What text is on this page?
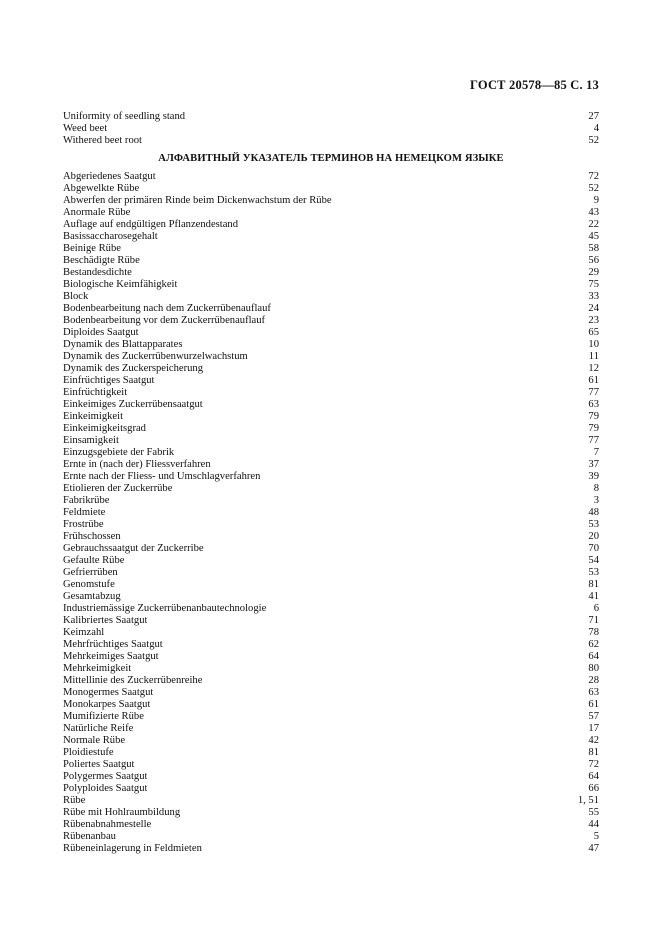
ГОСТ 20578—85 С. 13
Uniformity of seedling stand	27
Weed beet	4
Withered beet root	52
АЛФАВИТНЫЙ УКАЗАТЕЛЬ ТЕРМИНОВ НА НЕМЕЦКОМ ЯЗЫКЕ
Abgeriedenes Saatgut	72
Abgewelkte Rübe	52
Abwerfen der primären Rinde beim Dickenwachstum der Rübe	9
Anormale Rübe	43
Auflage auf endgültigen Pflanzendestand	22
Basissaccharosegehalt	45
Beinige Rübe	58
Beschädigte Rübe	56
Bestandesdichte	29
Biologische Keimfähigkeit	75
Block	33
Bodenbearbeitung nach dem Zuckerrübenauflauf	24
Bodenbearbeitung vor dem Zuckerrübenauflauf	23
Diploides Saatgut	65
Dynamik des Blattapparates	10
Dynamik des Zuckerrübenwurzelwachstum	11
Dynamik des Zuckerspeicherung	12
Einfrüchtiges Saatgut	61
Einfrüchtigkeit	77
Einkeimiges Zuckerrübensaatgut	63
Einkeimigkeit	79
Einkeimigkeitsgrad	79
Einsamigkeit	77
Einzugsgebiete der Fabrik	7
Ernte in (nach der) Fliessverfahren	37
Ernte nach der Fliess- und Umschlagverfahren	39
Etiolieren der Zuckerrübe	8
Fabrikrübe	3
Feldmiete	48
Frostrübe	53
Frühschossen	20
Gebrauchssaatgut der Zuckerribe	70
Gefaulte Rübe	54
Gefrierrüben	53
Genomstufe	81
Gesamtabzug	41
Industriemässige Zuckerrübenanbautechnologie	6
Kalibriertes Saatgut	71
Keimzahl	78
Mehrfrüchtiges Saatgut	62
Mehrkeimiges Saatgut	64
Mehrkeimigkeit	80
Mittellinie des Zuckerrübenreihe	28
Monogermes Saatgut	63
Monokarpes Saatgut	61
Mumifizierte Rübe	57
Natürliche Reife	17
Normale Rübe	42
Ploidiestufe	81
Poliertes Saatgut	72
Polygermes Saatgut	64
Polyploides Saatgut	66
Rübe	1, 51
Rübe mit Hohlraumbildung	55
Rübenabnahmestelle	44
Rübenanbau	5
Rübeneinlagerung in Feldmieten	47
